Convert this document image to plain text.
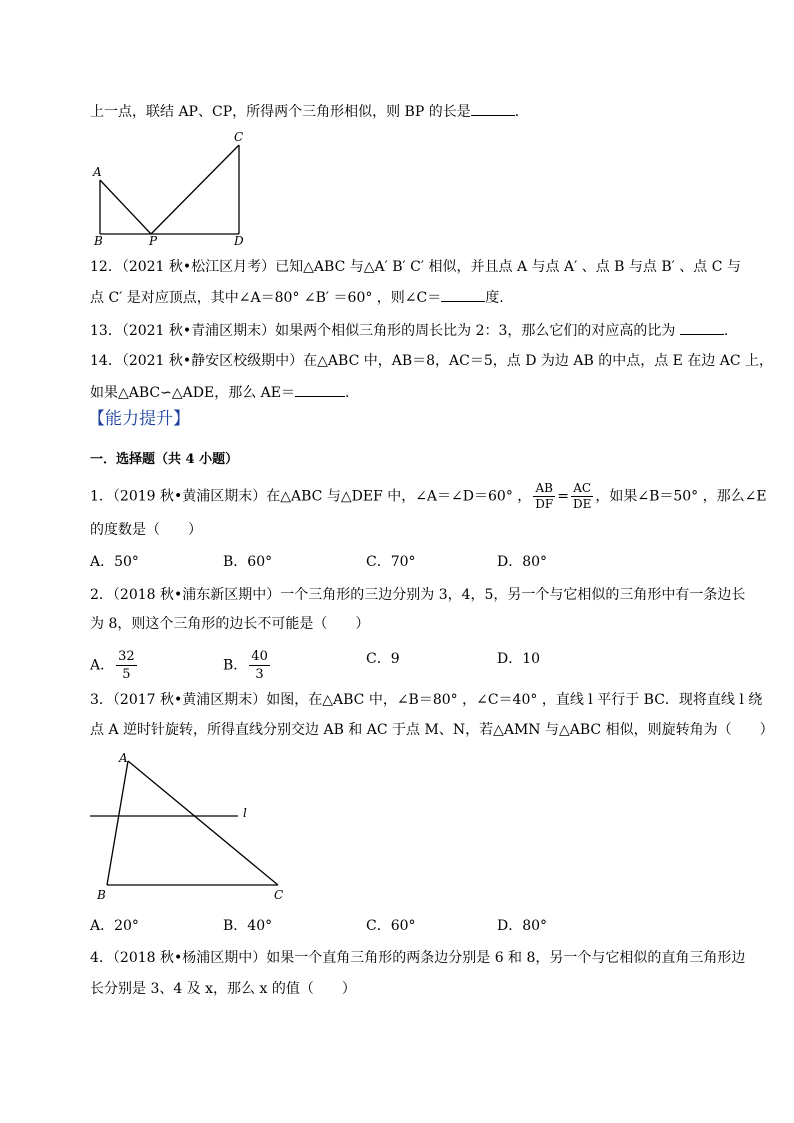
上一点，联结 AP、CP，所得两个三角形相似，则 BP 的长是	.
A
B	P
C
D
12．（2021 秋•松江区月考）已知△ABC 与△A′ B′ C′ 相似，并且点 A 与点 A′ 、点 B 与点 B′ 、点 C 与
点 C′ 是对应顶点，其中∠A＝80° ∠B′ ＝60° ，则∠C＝	度.
13．（2021 秋•青浦区期末）如果两个相似三角形的周长比为 2：3，那么它们的对应高的比为	.
14．（2021 秋•静安区校级期中）在△ABC 中，AB＝8，AC＝5，点 D 为边 AB 的中点，点 E 在边 AC 上，
如果△ABC∽△ADE，那么 AE＝	.
【能力提升】
一．选择题（共 4 小题）
1．（2019 秋•黄浦区期末）在△ABC 与△DEF 中，∠A＝∠D＝60° ， $\frac{AB}{DF} = \frac{AC}{DE}$ ，如果∠B＝50° ，那么∠E
的度数是（　　）
A．50°	B．60°	C．70°	D．80°
2．（2018 秋•浦东新区期中）一个三角形的三边分别为 3，4，5，另一个与它相似的三角形中有一条边长
为 8，则这个三角形的边长不可能是（　　）
A． $\frac{32}{5}$	B． $\frac{40}{3}$	C．9	D．10
3．（2017 秋•黄浦区期末）如图，在△ABC 中，∠B＝80° ，∠C＝40° ，直线 l 平行于 BC．现将直线 l 绕
点 A 逆时针旋转，所得直线分别交边 AB 和 AC 于点 M、N，若△AMN 与△ABC 相似，则旋转角为（　　）
A
l
B	C
A．20°	B．40°	C．60°	D．80°
4．（2018 秋•杨浦区期中）如果一个直角三角形的两条边分别是 6 和 8，另一个与它相似的直角三角形边
长分别是 3、4 及 x，那么 x 的值（　　）
